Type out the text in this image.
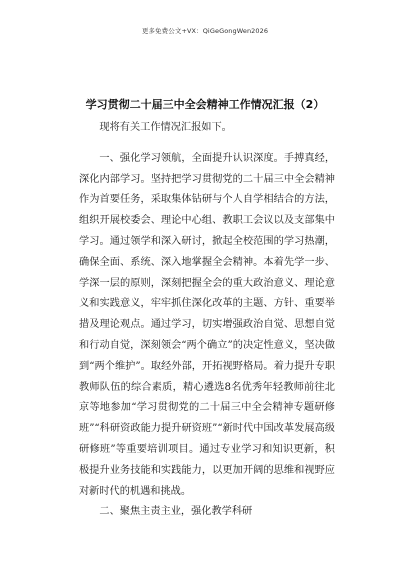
更多免费公文+VX：QiGeGongWen2026
学习贯彻二十届三中全会精神工作情况汇报（2）

现将有关工作情况汇报如下。

一、强化学习领航，全面提升认识深度。手搏真经，深化内部学习。坚持把学习贯彻党的二十届三中全会精神作为首要任务，采取集体钻研与个人自学相结合的方法，组织开展校委会、理论中心组、教职工会议以及支部集中学习。通过领学和深入研讨，掀起全校范围的学习热潮，确保全面、系统、深入地掌握全会精神。本着先学一步、学深一层的原则，深刻把握全会的重大政治意义、理论意义和实践意义，牢牢抓住深化改革的主题、方针、重要举措及理论观点。通过学习，切实增强政治自觉、思想自觉和行动自觉，深刻领会“两个确立”的决定性意义，坚决做到“两个维护”。取经外部，开拓视野格局。着力提升专职教师队伍的综合素质，精心遴选8名优秀年轻教师前往北京等地参加“学习贯彻党的二十届三中全会精神专题研修班”“科研资政能力提升研资班”“新时代中国改革发展高级研修班”等重要培训项目。通过专业学习和知识更新，积极提升业务技能和实践能力，以更加开阔的思维和视野应对新时代的机遇和挑战。

二、聚焦主责主业，强化教学科研
